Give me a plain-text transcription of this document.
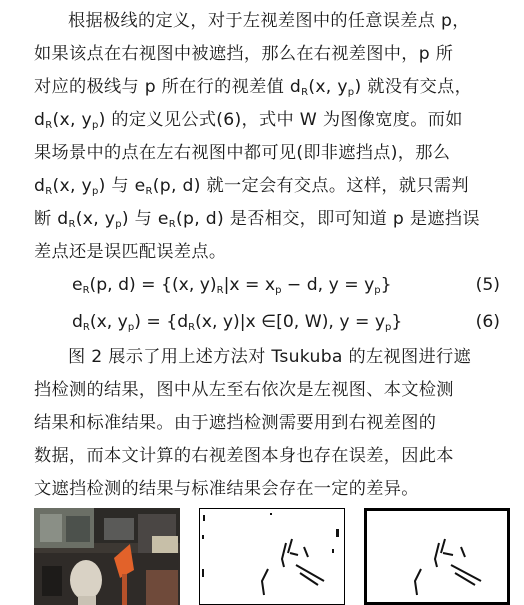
根据极线的定义，对于左视差图中的任意误差点 p，
如果该点在右视图中被遮挡，那么在右视差图中，p 所
对应的极线与 p 所在行的视差值 $d_R(x$, $y_p$) 就没有交点，
$d_R(x$, $y_p$) 的定义见公式(6)，式中 W 为图像宽度。而如
果场景中的点在左右视图中都可见(即非遮挡点)，那么
$d_R(x$, $y_p$) 与 $e_R(p$, d) 就一定会有交点。这样，就只需判
断 $d_R(x$, $y_p$) 与 $e_R(p$, d) 是否相交，即可知道 p 是遮挡误
差点还是误匹配误差点。
$e_R(p$, d) = {(x, $y)_R|x = x_p - d$, $y = y_p$}	(5)
$d_R(x$, $y_p) = \{d_R(x$, y)|x ∈[0, W), $y = y_p$}	(6)
图 2 展示了用上述方法对 Tsukuba 的左视图进行遮
挡检测的结果，图中从左至右依次是左视图、本文检测
结果和标准结果。由于遮挡检测需要用到右视差图的
数据，而本文计算的右视差图本身也存在误差，因此本
文遮挡检测的结果与标准结果会存在一定的差异。
